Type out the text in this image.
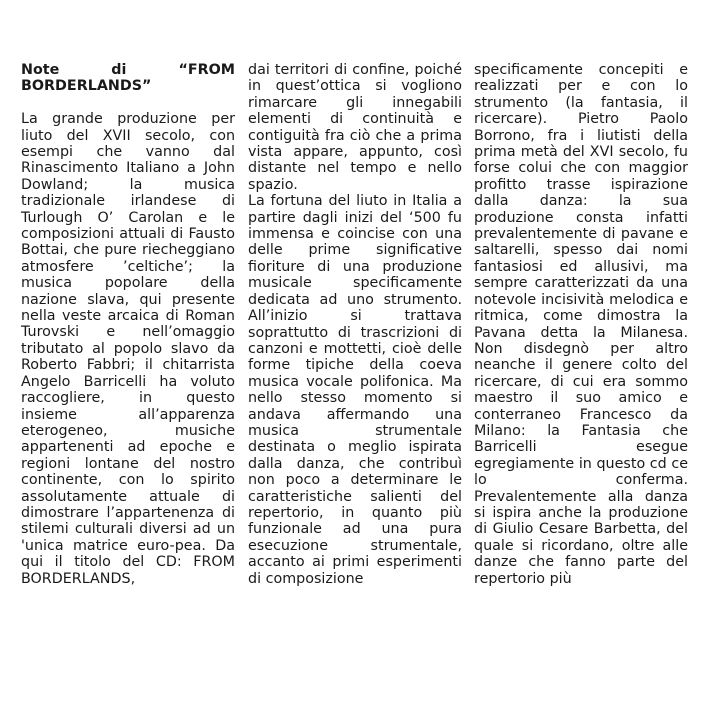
Note di “FROM BORDERLANDS”

La grande produzione per liuto del XVII secolo, con esempi che vanno dal Rinascimento Italiano a John Dowland; la musica tradizionale irlandese di Turlough O’ Carolan e le composizioni attuali di Fausto Bottai, che pure riecheggiano atmosfere ’celtiche’; la musica popolare della nazione slava, qui presente nella veste arcaica di Roman Turovski e nell’omaggio tributato al popolo slavo da Roberto Fabbri; il chitarrista Angelo Barricelli ha voluto raccogliere, in questo insieme all’apparenza eterogeneo, musiche appartenenti ad epoche e regioni lontane del nostro continente, con lo spirito assolutamente attuale di dimostrare l’appartenenza di stilemi culturali diversi ad un 'unica matrice euro-pea. Da qui il titolo del CD: FROM BORDERLANDS,

dai territori di confine, poiché in quest’ottica si vogliono rimarcare gli innegabili elementi di continuità e contiguità fra ciò che a prima vista appare, appunto, così distante nel tempo e nello spazio.

La fortuna del liuto in Italia a partire dagli inizi del ‘500 fu immensa e coincise con una delle prime significative fioriture di una produzione musicale specificamente dedicata ad uno strumento. All’inizio si trattava soprattutto di trascrizioni di canzoni e mottetti, cioè delle forme tipiche della coeva musica vocale polifonica. Ma nello stesso momento si andava affermando una musica strumentale destinata o meglio ispirata dalla danza, che contribuì non poco a determinare le caratteristiche salienti del repertorio, in quanto più funzionale ad una pura esecuzione strumentale, accanto ai primi esperimenti di composizione

specificamente concepiti e realizzati per e con lo strumento (la fantasia, il ricercare). Pietro Paolo Borrono, fra i liutisti della prima metà del XVI secolo, fu forse colui che con maggior profitto trasse ispirazione dalla danza: la sua produzione consta infatti prevalentemente di pavane e saltarelli, spesso dai nomi fantasiosi ed allusivi, ma sempre caratterizzati da una notevole incisività melodica e ritmica, come dimostra la Pavana detta la Milanesa. Non disdegnò per altro neanche il genere colto del ricercare, di cui era sommo maestro il suo amico e conterraneo Francesco da Milano: la Fantasia che Barricelli esegue egregiamente in questo cd ce lo conferma. Prevalentemente alla danza si ispira anche la produzione di Giulio Cesare Barbetta, del quale si ricordano, oltre alle danze che fanno parte del repertorio più
